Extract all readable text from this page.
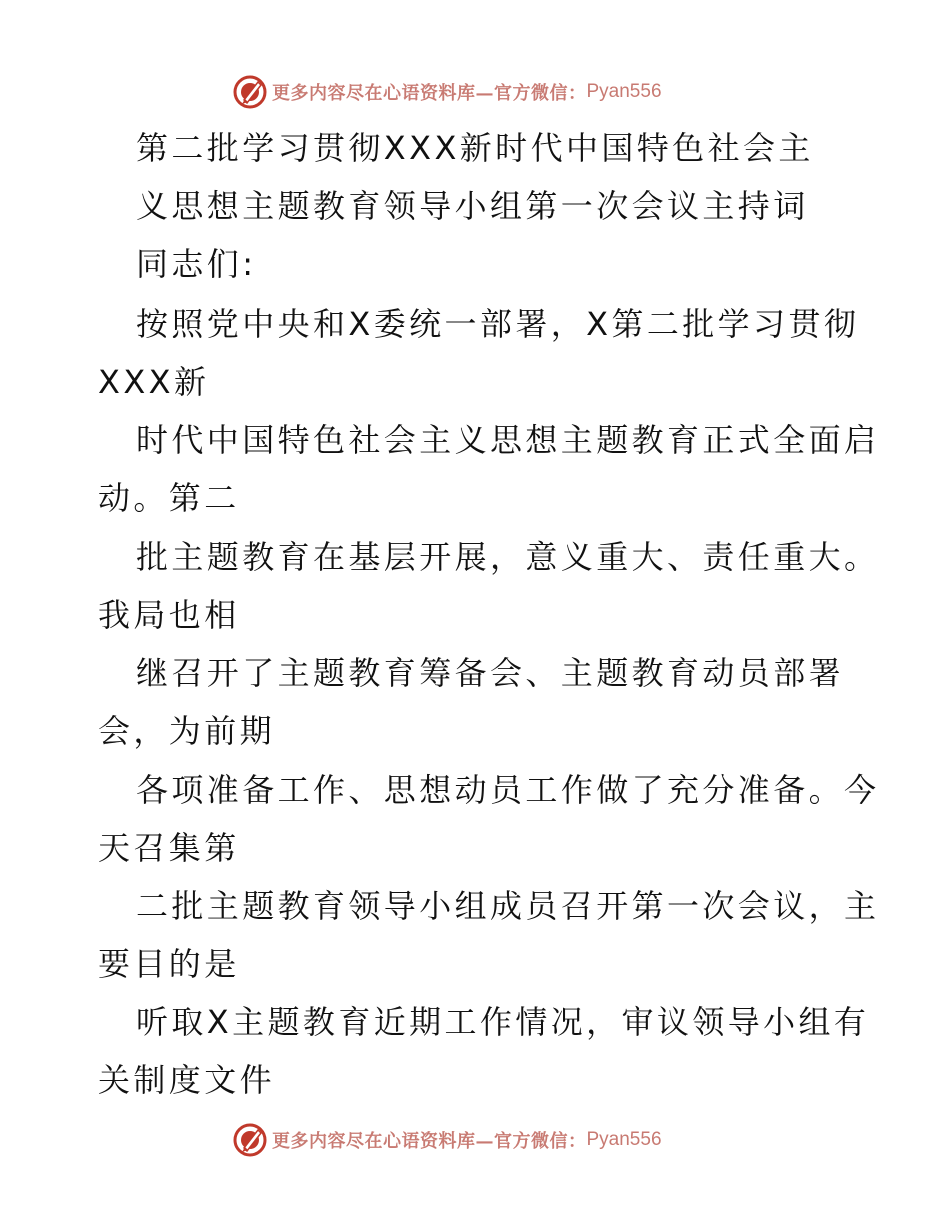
更多内容尽在心语资料库—官方微信： Pyan556
第二批学习贯彻XXX新时代中国特色社会主
义思想主题教育领导小组第一次会议主持词
同志们:
按照党中央和X委统一部署，X第二批学习贯彻
XXX新
时代中国特色社会主义思想主题教育正式全面启
动。第二
批主题教育在基层开展，意义重大、责任重大。
我局也相
继召开了主题教育筹备会、主题教育动员部署
会，为前期
各项准备工作、思想动员工作做了充分准备。今
天召集第
二批主题教育领导小组成员召开第一次会议，主
要目的是
听取X主题教育近期工作情况，审议领导小组有
关制度文件
更多内容尽在心语资料库—官方微信： Pyan556
